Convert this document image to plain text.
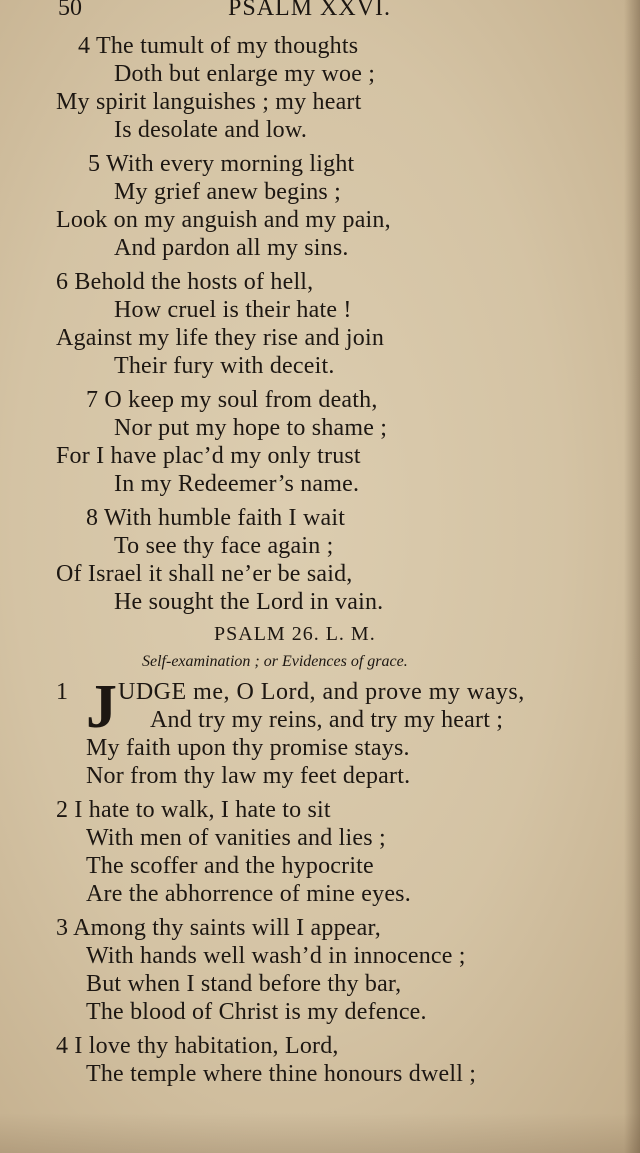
50	PSALM XXVI.
4 The tumult of my thoughts
Doth but enlarge my woe ;
My spirit languishes ; my heart
Is desolate and low.
5 With every morning light
My grief anew begins ;
Look on my anguish and my pain,
And pardon all my sins.
6 Behold the hosts of hell,
How cruel is their hate !
Against my life they rise and join
Their fury with deceit.
7 O keep my soul from death,
Nor put my hope to shame ;
For I have plac’d my only trust
In my Redeemer’s name.
8 With humble faith I wait
To see thy face again ;
Of Israel it shall ne’er be said,
He sought the Lord in vain.
PSALM 26. L. M.
Self-examination ; or Evidences of grace.
1 J UDGE me, O Lord, and prove my ways,
And try my reins, and try my heart ;
My faith upon thy promise stays.
Nor from thy law my feet depart.
2 I hate to walk, I hate to sit
With men of vanities and lies ;
The scoffer and the hypocrite
Are the abhorrence of mine eyes.
3 Among thy saints will I appear,
With hands well wash’d in innocence ;
But when I stand before thy bar,
The blood of Christ is my defence.
4 I love thy habitation, Lord,
The temple where thine honours dwell ;
